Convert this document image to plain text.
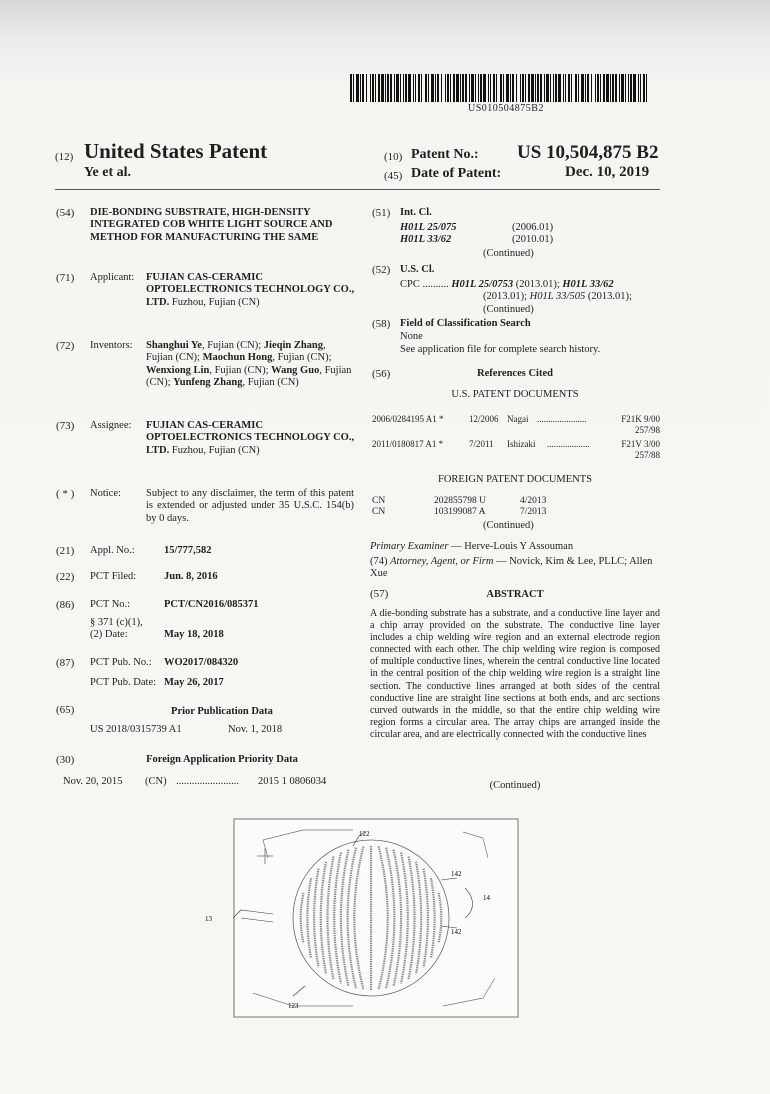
US010504875B2
(12) United States Patent
Ye et al.
(10) Patent No.: US 10,504,875 B2
(45) Date of Patent:	Dec. 10, 2019
(54) DIE-BONDING SUBSTRATE, HIGH-DENSITY INTEGRATED COB WHITE LIGHT SOURCE AND METHOD FOR MANUFACTURING THE SAME
(71) Applicant: FUJIAN CAS-CERAMIC OPTOELECTRONICS TECHNOLOGY CO., LTD. Fuzhou, Fujian (CN)
(72) Inventors: Shanghui Ye, Fujian (CN); Jieqin Zhang, Fujian (CN); Maochun Hong, Fujian (CN); Wenxiong Lin, Fujian (CN); Wang Guo, Fujian (CN); Yunfeng Zhang, Fujian (CN)
(73) Assignee: FUJIAN CAS-CERAMIC OPTOELECTRONICS TECHNOLOGY CO., LTD. Fuzhou, Fujian (CN)
( * ) Notice: Subject to any disclaimer, the term of this patent is extended or adjusted under 35 U.S.C. 154(b) by 0 days.
(21) Appl. No.:	15/777,582
(22) PCT Filed:	Jun. 8, 2016
(86) PCT No.:	PCT/CN2016/085371
§ 371 (c)(1),
(2) Date:	May 18, 2018
(87) PCT Pub. No.: WO2017/084320
PCT Pub. Date: May 26, 2017
(65)	Prior Publication Data
US 2018/0315739 A1	Nov. 1, 2018
(30)	Foreign Application Priority Data
Nov. 20, 2015 (CN) ........................ 2015 1 0806034
(51) Int. Cl.
H01L 25/075	(2006.01)
H01L 33/62	(2010.01)
(Continued)
(52) U.S. Cl.
CPC .......... H01L 25/0753 (2013.01); H01L 33/62
(2013.01); H01L 33/505 (2013.01);
(Continued)
(58) Field of Classification Search
None
See application file for complete search history.
(56)	References Cited
U.S. PATENT DOCUMENTS
2006/0284195 A1 *	12/2006 Nagai ......................	F21K 9/00
257/98
2011/0180817 A1 *	7/2011 Ishizaki ...................	F21V 3/00
257/88
FOREIGN PATENT DOCUMENTS
CN	202855798 U	4/2013
CN	103199087 A	7/2013
(Continued)
Primary Examiner — Herve-Louis Y Assouman
(74) Attorney, Agent, or Firm — Novick, Kim & Lee, PLLC; Allen Xue
(57)	ABSTRACT
A die-bonding substrate has a substrate, and a conductive line layer and a chip array provided on the substrate. The conductive line layer includes a chip welding wire region and an external electrode region connected with each other. The chip welding wire region is composed of multiple conductive lines, wherein the central conductive line located in the central position of the chip welding wire region is a straight line section. The conductive lines arranged at both sides of the central conductive line are straight line sections at both ends, and arc sections curved outwards in the middle, so that the entire chip welding wire region forms a circular area. The array chips are arranged inside the circular area, and are electrically connected with the conductive lines
(Continued)
122
142
14
13
142
123
